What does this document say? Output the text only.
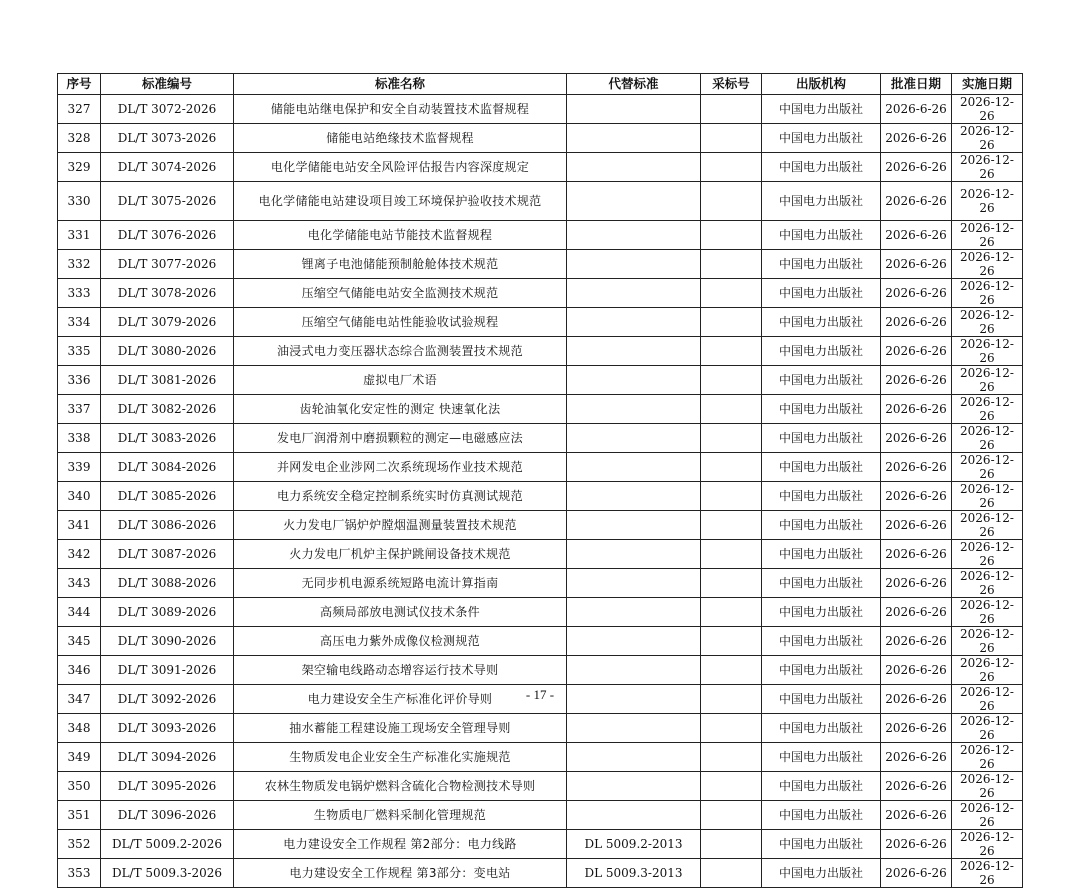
序号	标准编号	标准名称	代替标准	采标号	出版机构	批准日期	实施日期
327	DL/T 3072-2026	储能电站继电保护和安全自动装置技术监督规程			中国电力出版社	2026-6-26	2026-12-26
328	DL/T 3073-2026	储能电站绝缘技术监督规程			中国电力出版社	2026-6-26	2026-12-26
329	DL/T 3074-2026	电化学储能电站安全风险评估报告内容深度规定			中国电力出版社	2026-6-26	2026-12-26
330	DL/T 3075-2026	电化学储能电站建设项目竣工环境保护验收技术规范			中国电力出版社	2026-6-26	2026-12-26
331	DL/T 3076-2026	电化学储能电站节能技术监督规程			中国电力出版社	2026-6-26	2026-12-26
332	DL/T 3077-2026	锂离子电池储能预制舱舱体技术规范			中国电力出版社	2026-6-26	2026-12-26
333	DL/T 3078-2026	压缩空气储能电站安全监测技术规范			中国电力出版社	2026-6-26	2026-12-26
334	DL/T 3079-2026	压缩空气储能电站性能验收试验规程			中国电力出版社	2026-6-26	2026-12-26
335	DL/T 3080-2026	油浸式电力变压器状态综合监测装置技术规范			中国电力出版社	2026-6-26	2026-12-26
336	DL/T 3081-2026	虚拟电厂术语			中国电力出版社	2026-6-26	2026-12-26
337	DL/T 3082-2026	齿轮油氧化安定性的测定 快速氧化法			中国电力出版社	2026-6-26	2026-12-26
338	DL/T 3083-2026	发电厂润滑剂中磨损颗粒的测定—电磁感应法			中国电力出版社	2026-6-26	2026-12-26
339	DL/T 3084-2026	并网发电企业涉网二次系统现场作业技术规范			中国电力出版社	2026-6-26	2026-12-26
340	DL/T 3085-2026	电力系统安全稳定控制系统实时仿真测试规范			中国电力出版社	2026-6-26	2026-12-26
341	DL/T 3086-2026	火力发电厂锅炉炉膛烟温测量装置技术规范			中国电力出版社	2026-6-26	2026-12-26
342	DL/T 3087-2026	火力发电厂机炉主保护跳闸设备技术规范			中国电力出版社	2026-6-26	2026-12-26
343	DL/T 3088-2026	无同步机电源系统短路电流计算指南			中国电力出版社	2026-6-26	2026-12-26
344	DL/T 3089-2026	高频局部放电测试仪技术条件			中国电力出版社	2026-6-26	2026-12-26
345	DL/T 3090-2026	高压电力紫外成像仪检测规范			中国电力出版社	2026-6-26	2026-12-26
346	DL/T 3091-2026	架空输电线路动态增容运行技术导则			中国电力出版社	2026-6-26	2026-12-26
347	DL/T 3092-2026	电力建设安全生产标准化评价导则			中国电力出版社	2026-6-26	2026-12-26
348	DL/T 3093-2026	抽水蓄能工程建设施工现场安全管理导则			中国电力出版社	2026-6-26	2026-12-26
349	DL/T 3094-2026	生物质发电企业安全生产标准化实施规范			中国电力出版社	2026-6-26	2026-12-26
350	DL/T 3095-2026	农林生物质发电锅炉燃料含硫化合物检测技术导则			中国电力出版社	2026-6-26	2026-12-26
351	DL/T 3096-2026	生物质电厂燃料采制化管理规范			中国电力出版社	2026-6-26	2026-12-26
352	DL/T 5009.2-2026	电力建设安全工作规程 第2部分：电力线路	DL 5009.2-2013		中国电力出版社	2026-6-26	2026-12-26
353	DL/T 5009.3-2026	电力建设安全工作规程 第3部分：变电站	DL 5009.3-2013		中国电力出版社	2026-6-26	2026-12-26
- 17 -
